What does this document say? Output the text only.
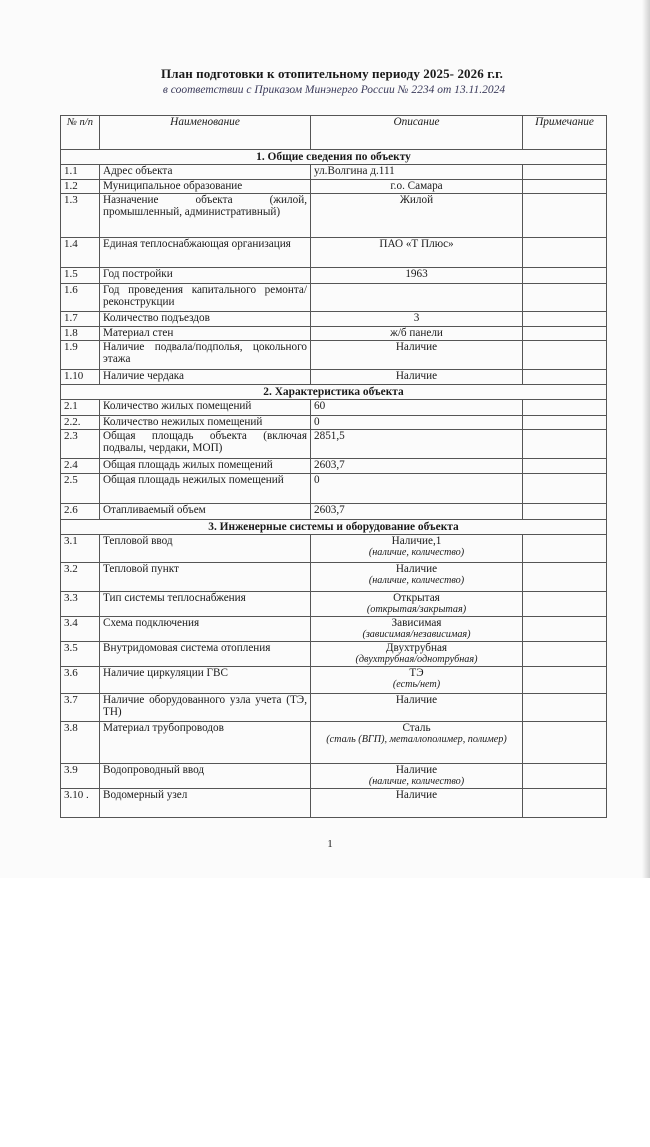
План подготовки к отопительному периоду 2025- 2026 г.г.
в соответствии с Приказом Минэнерго России № 2234 от 13.11.2024
№ п/п	Наименование	Описание	Примечание
1. Общие сведения по объекту			
1.1	Адрес объекта	ул.Волгина д.111	
1.2	Муниципальное образование	г.о. Самара	
1.3	Назначение объекта (жилой, промышленный, административный)	Жилой	
1.4	Единая теплоснабжающая организация	ПАО «Т Плюс»	
1.5	Год постройки	1963	
1.6	Год проведения капитального ремонта/реконструкции		
1.7	Количество подъездов	3	
1.8	Материал стен	ж/б панели	
1.9	Наличие подвала/подполья, цокольного этажа	Наличие	
1.10	Наличие чердака	Наличие	
2. Характеристика объекта			
2.1	Количество жилых помещений	60	
2.2.	Количество нежилых помещений	0	
2.3	Общая площадь объекта (включая подвалы, чердаки, МОП)	2851,5	
2.4	Общая площадь жилых помещений	2603,7	
2.5	Общая площадь нежилых помещений	0	
2.6	Отапливаемый объем	2603,7	
3. Инженерные системы и оборудование объекта			
3.1	Тепловой ввод	Наличие,1
(наличие, количество)	

3.2	Тепловой пункт	Наличие
(наличие, количество)	

3.3	Тип системы теплоснабжения	Открытая
(открытая/закрытая)	

3.4	Схема подключения	Зависимая
(зависимая/независимая)	

3.5	Внутридомовая система отопления	Двухтрубная
(двухтрубная/однотрубная)	

3.6	Наличие циркуляции ГВС	ТЭ
(есть/нет)	

3.7	Наличие оборудованного узла учета (ТЭ, ТН)	Наличие	
3.8	Материал трубопроводов	Сталь
(сталь (ВГП), металлополимер, полимер)	

3.9	Водопроводный ввод	Наличие
(наличие, количество)	

3.10 .	Водомерный узел	Наличие	
1
